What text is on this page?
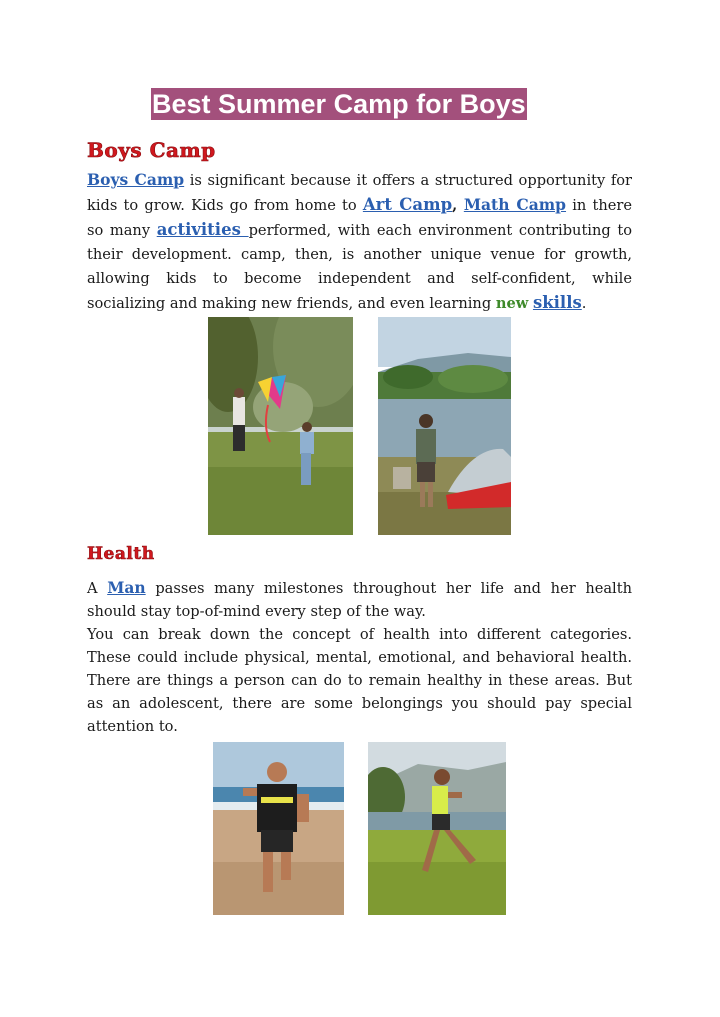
Best Summer Camp for Boys
Boys Camp
Boys Camp is significant because it offers a structured opportunity for kids to grow. Kids go from home to Art Camp, Math Camp in there so many activities performed, with each environment contributing to their development. camp, then, is another unique venue for growth, allowing kids to become independent and self-confident, while socializing and making new friends, and even learning new skills.
Health
A Man passes many milestones throughout her life and her health should stay top-of-mind every step of the way.
You can break down the concept of health into different categories. These could include physical, mental, emotional, and behavioral health. There are things a person can do to remain healthy in these areas. But as an adolescent, there are some belongings you should pay special attention to.
